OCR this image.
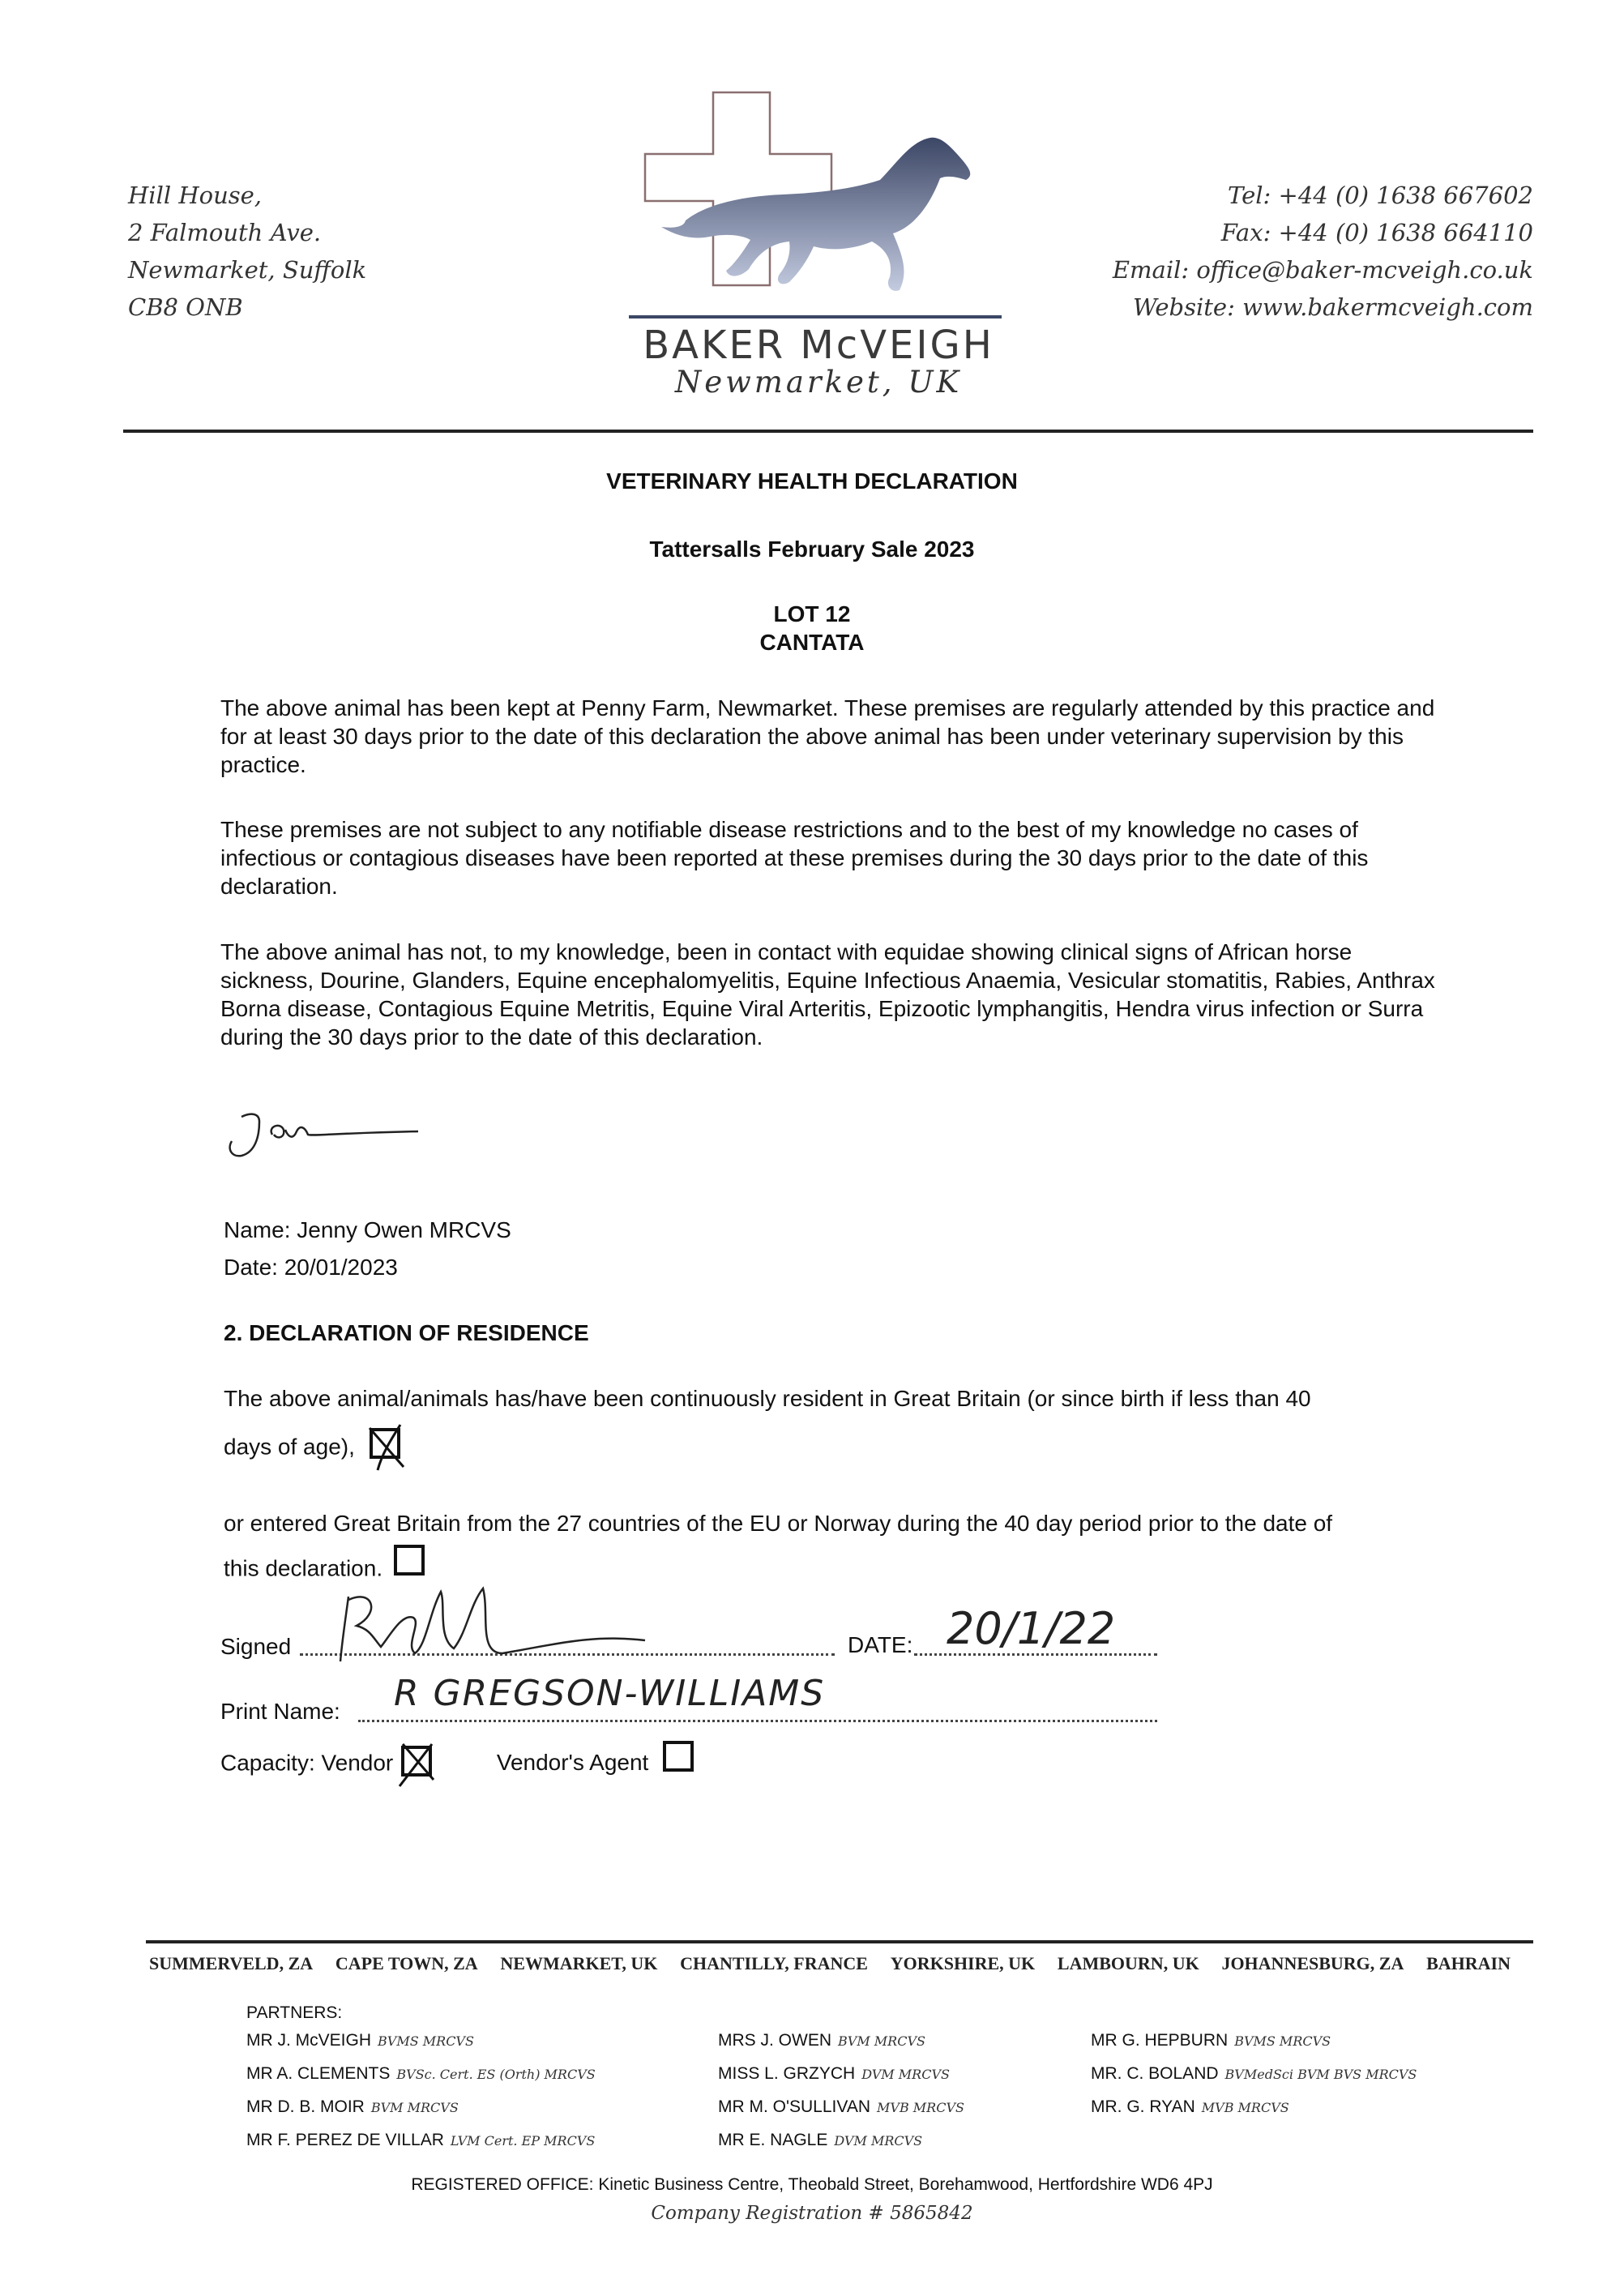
Hill House,
2 Falmouth Ave.
Newmarket, Suffolk
CB8 ONB
Tel: +44 (0) 1638 667602
Fax: +44 (0) 1638 664110
Email: office@baker-mcveigh.co.uk
Website: www.bakermcveigh.com
BAKER McVEIGH
Newmarket, UK
VETERINARY HEALTH DECLARATION
Tattersalls February Sale 2023
LOT 12
CANTATA
The above animal has been kept at Penny Farm, Newmarket. These premises are regularly attended by this practice and for at least 30 days prior to the date of this declaration the above animal has been under veterinary supervision by this practice.
These premises are not subject to any notifiable disease restrictions and to the best of my knowledge no cases of infectious or contagious diseases have been reported at these premises during the 30 days prior to the date of this declaration.
The above animal has not, to my knowledge, been in contact with equidae showing clinical signs of African horse sickness, Dourine, Glanders, Equine encephalomyelitis, Equine Infectious Anaemia, Vesicular stomatitis, Rabies, Anthrax Borna disease, Contagious Equine Metritis, Equine Viral Arteritis, Epizootic lymphangitis, Hendra virus infection or Surra during the 30 days prior to the date of this declaration.
Name: Jenny Owen MRCVS
Date: 20/01/2023
2. DECLARATION OF RESIDENCE
The above animal/animals has/have been continuously resident in Great Britain (or since birth if less than 40
days of age),
or entered Great Britain from the 27 countries of the EU or Norway during the 40 day period prior to the date of
this declaration.
Signed	DATE: 20/1/22
Print Name: R GREGSON-WILLIAMS
Capacity: Vendor	Vendor's Agent
SUMMERVELD, ZA CAPE TOWN, ZA NEWMARKET, UK CHANTILLY, FRANCE YORKSHIRE, UK LAMBOURN, UK JOHANNESBURG, ZA BAHRAIN
PARTNERS:
MR J. McVEIGH BVMS MRCVS
MR A. CLEMENTS BVSc. Cert. ES (Orth) MRCVS
MR D. B. MOIR BVM MRCVS
MR F. PEREZ DE VILLAR LVM Cert. EP MRCVS
MRS J. OWEN BVM MRCVS
MISS L. GRZYCH DVM MRCVS
MR M. O'SULLIVAN MVB MRCVS
MR E. NAGLE DVM MRCVS
MR G. HEPBURN BVMS MRCVS
MR. C. BOLAND BVMedSci BVM BVS MRCVS
MR. G. RYAN MVB MRCVS
REGISTERED OFFICE: Kinetic Business Centre, Theobald Street, Borehamwood, Hertfordshire WD6 4PJ
Company Registration # 5865842
